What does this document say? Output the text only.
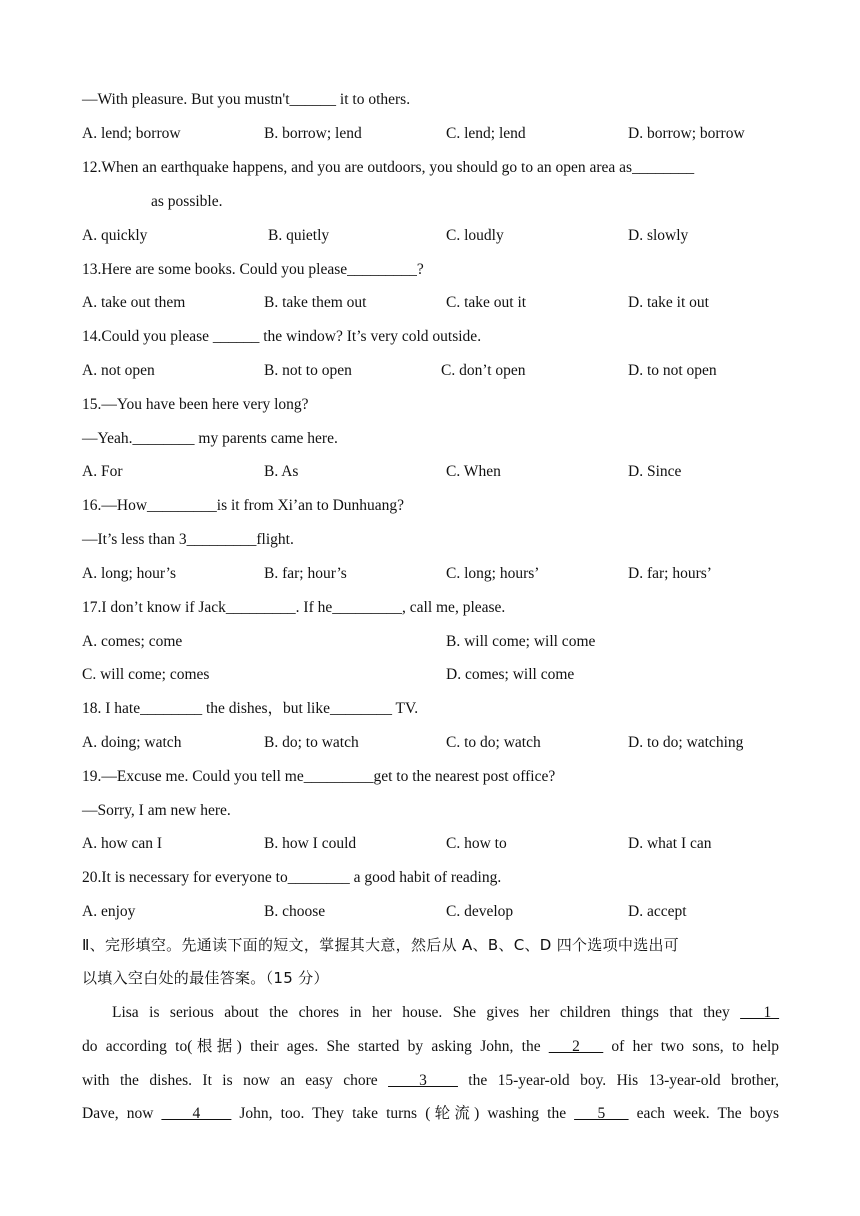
—With pleasure. But you mustn't______ it to others.
A. lend; borrow	B. borrow; lend	C. lend; lend	D. borrow; borrow
12.When an earthquake happens, and you are outdoors, you should go to an open area as________
as possible.
A. quickly	B. quietly	C. loudly	D. slowly
13.Here are some books. Could you please_________?
A. take out them	B. take them out	C. take out it	D. take it out
14.Could you please ______ the window? It’s very cold outside.
A. not open	B. not to open	C. don’t open	D. to not open
15.—You have been here very long?
—Yeah.________ my parents came here.
A. For	B. As	C. When	D. Since
16.—How_________is it from Xi’an to Dunhuang?
—It’s less than 3_________flight.
A. long; hour’s	B. far; hour’s	C. long; hours’	D. far; hours’
17.I don’t know if Jack_________. If he_________, call me, please.
A. comes; come	B. will come; will come
C. will come; comes	D. comes; will come
18. I hate________ the dishes，but like________ TV.
A. doing; watch	B. do; to watch	C. to do; watch	D. to do; watching
19.—Excuse me. Could you tell me_________get to the nearest post office?
—Sorry, I am new here.
A. how can I	B. how I could	C. how to	D. what I can
20.It is necessary for everyone to________ a good habit of reading.
A. enjoy	B. choose	C. develop	D. accept
Ⅱ、完形填空。先通读下面的短文，掌握其大意，然后从 A、B、C、D 四个选项中选出可
以填入空白处的最佳答案。（15 分）
Lisa is serious about the chores in her house. She gives her children things that they ___1_
do according to(根据) their ages. She started by asking John, the ___2___ of her two sons, to help
with the dishes. It is now an easy chore ____3____ the 15-year-old boy. His 13-year-old brother,
Dave, now ____4____ John, too. They take turns (轮流) washing the ___5___ each week. The boys
